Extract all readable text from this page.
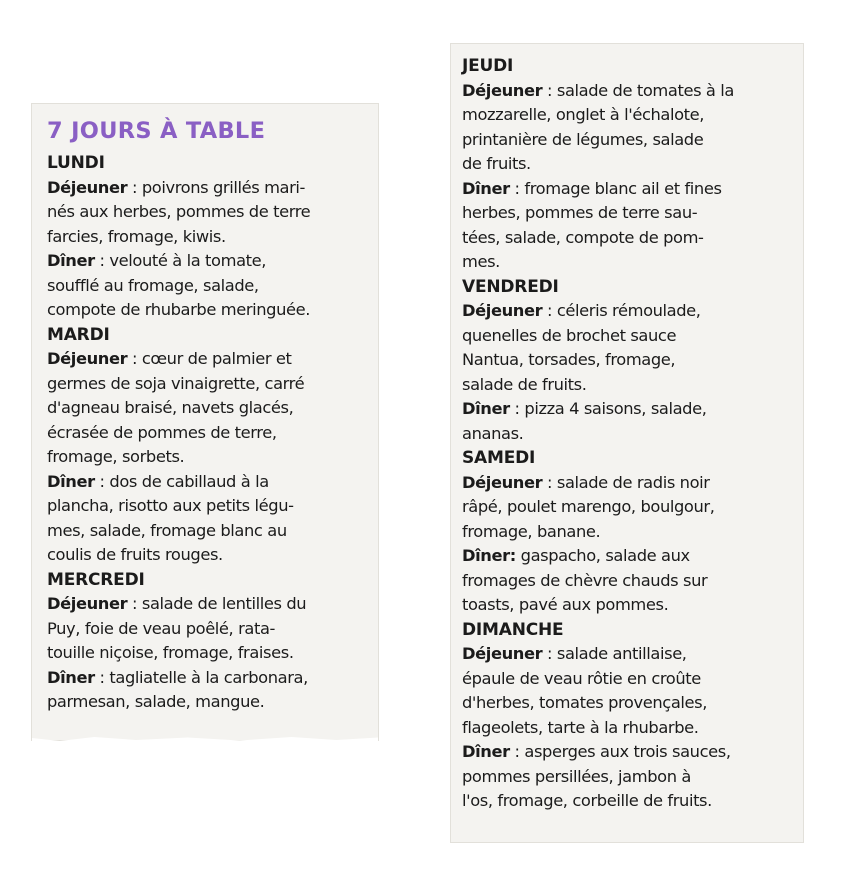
7 JOURS À TABLE
LUNDI
Déjeuner : poivrons grillés mari-
nés aux herbes, pommes de terre
farcies, fromage, kiwis.
Dîner : velouté à la tomate,
soufflé au fromage, salade,
compote de rhubarbe meringuée.
MARDI
Déjeuner : cœur de palmier et
germes de soja vinaigrette, carré
d'agneau braisé, navets glacés,
écrasée de pommes de terre,
fromage, sorbets.
Dîner : dos de cabillaud à la
plancha, risotto aux petits légu-
mes, salade, fromage blanc au
coulis de fruits rouges.
MERCREDI
Déjeuner : salade de lentilles du
Puy, foie de veau poêlé, rata-
touille niçoise, fromage, fraises.
Dîner : tagliatelle à la carbonara,
parmesan, salade, mangue.
JEUDI
Déjeuner : salade de tomates à la
mozzarelle, onglet à l'échalote,
printanière de légumes, salade
de fruits.
Dîner : fromage blanc ail et fines
herbes, pommes de terre sau-
tées, salade, compote de pom-
mes.
VENDREDI
Déjeuner : céleris rémoulade,
quenelles de brochet sauce
Nantua, torsades, fromage,
salade de fruits.
Dîner : pizza 4 saisons, salade,
ananas.
SAMEDI
Déjeuner : salade de radis noir
râpé, poulet marengo, boulgour,
fromage, banane.
Dîner: gaspacho, salade aux
fromages de chèvre chauds sur
toasts, pavé aux pommes.
DIMANCHE
Déjeuner : salade antillaise,
épaule de veau rôtie en croûte
d'herbes, tomates provençales,
flageolets, tarte à la rhubarbe.
Dîner : asperges aux trois sauces,
pommes persillées, jambon à
l'os, fromage, corbeille de fruits.
